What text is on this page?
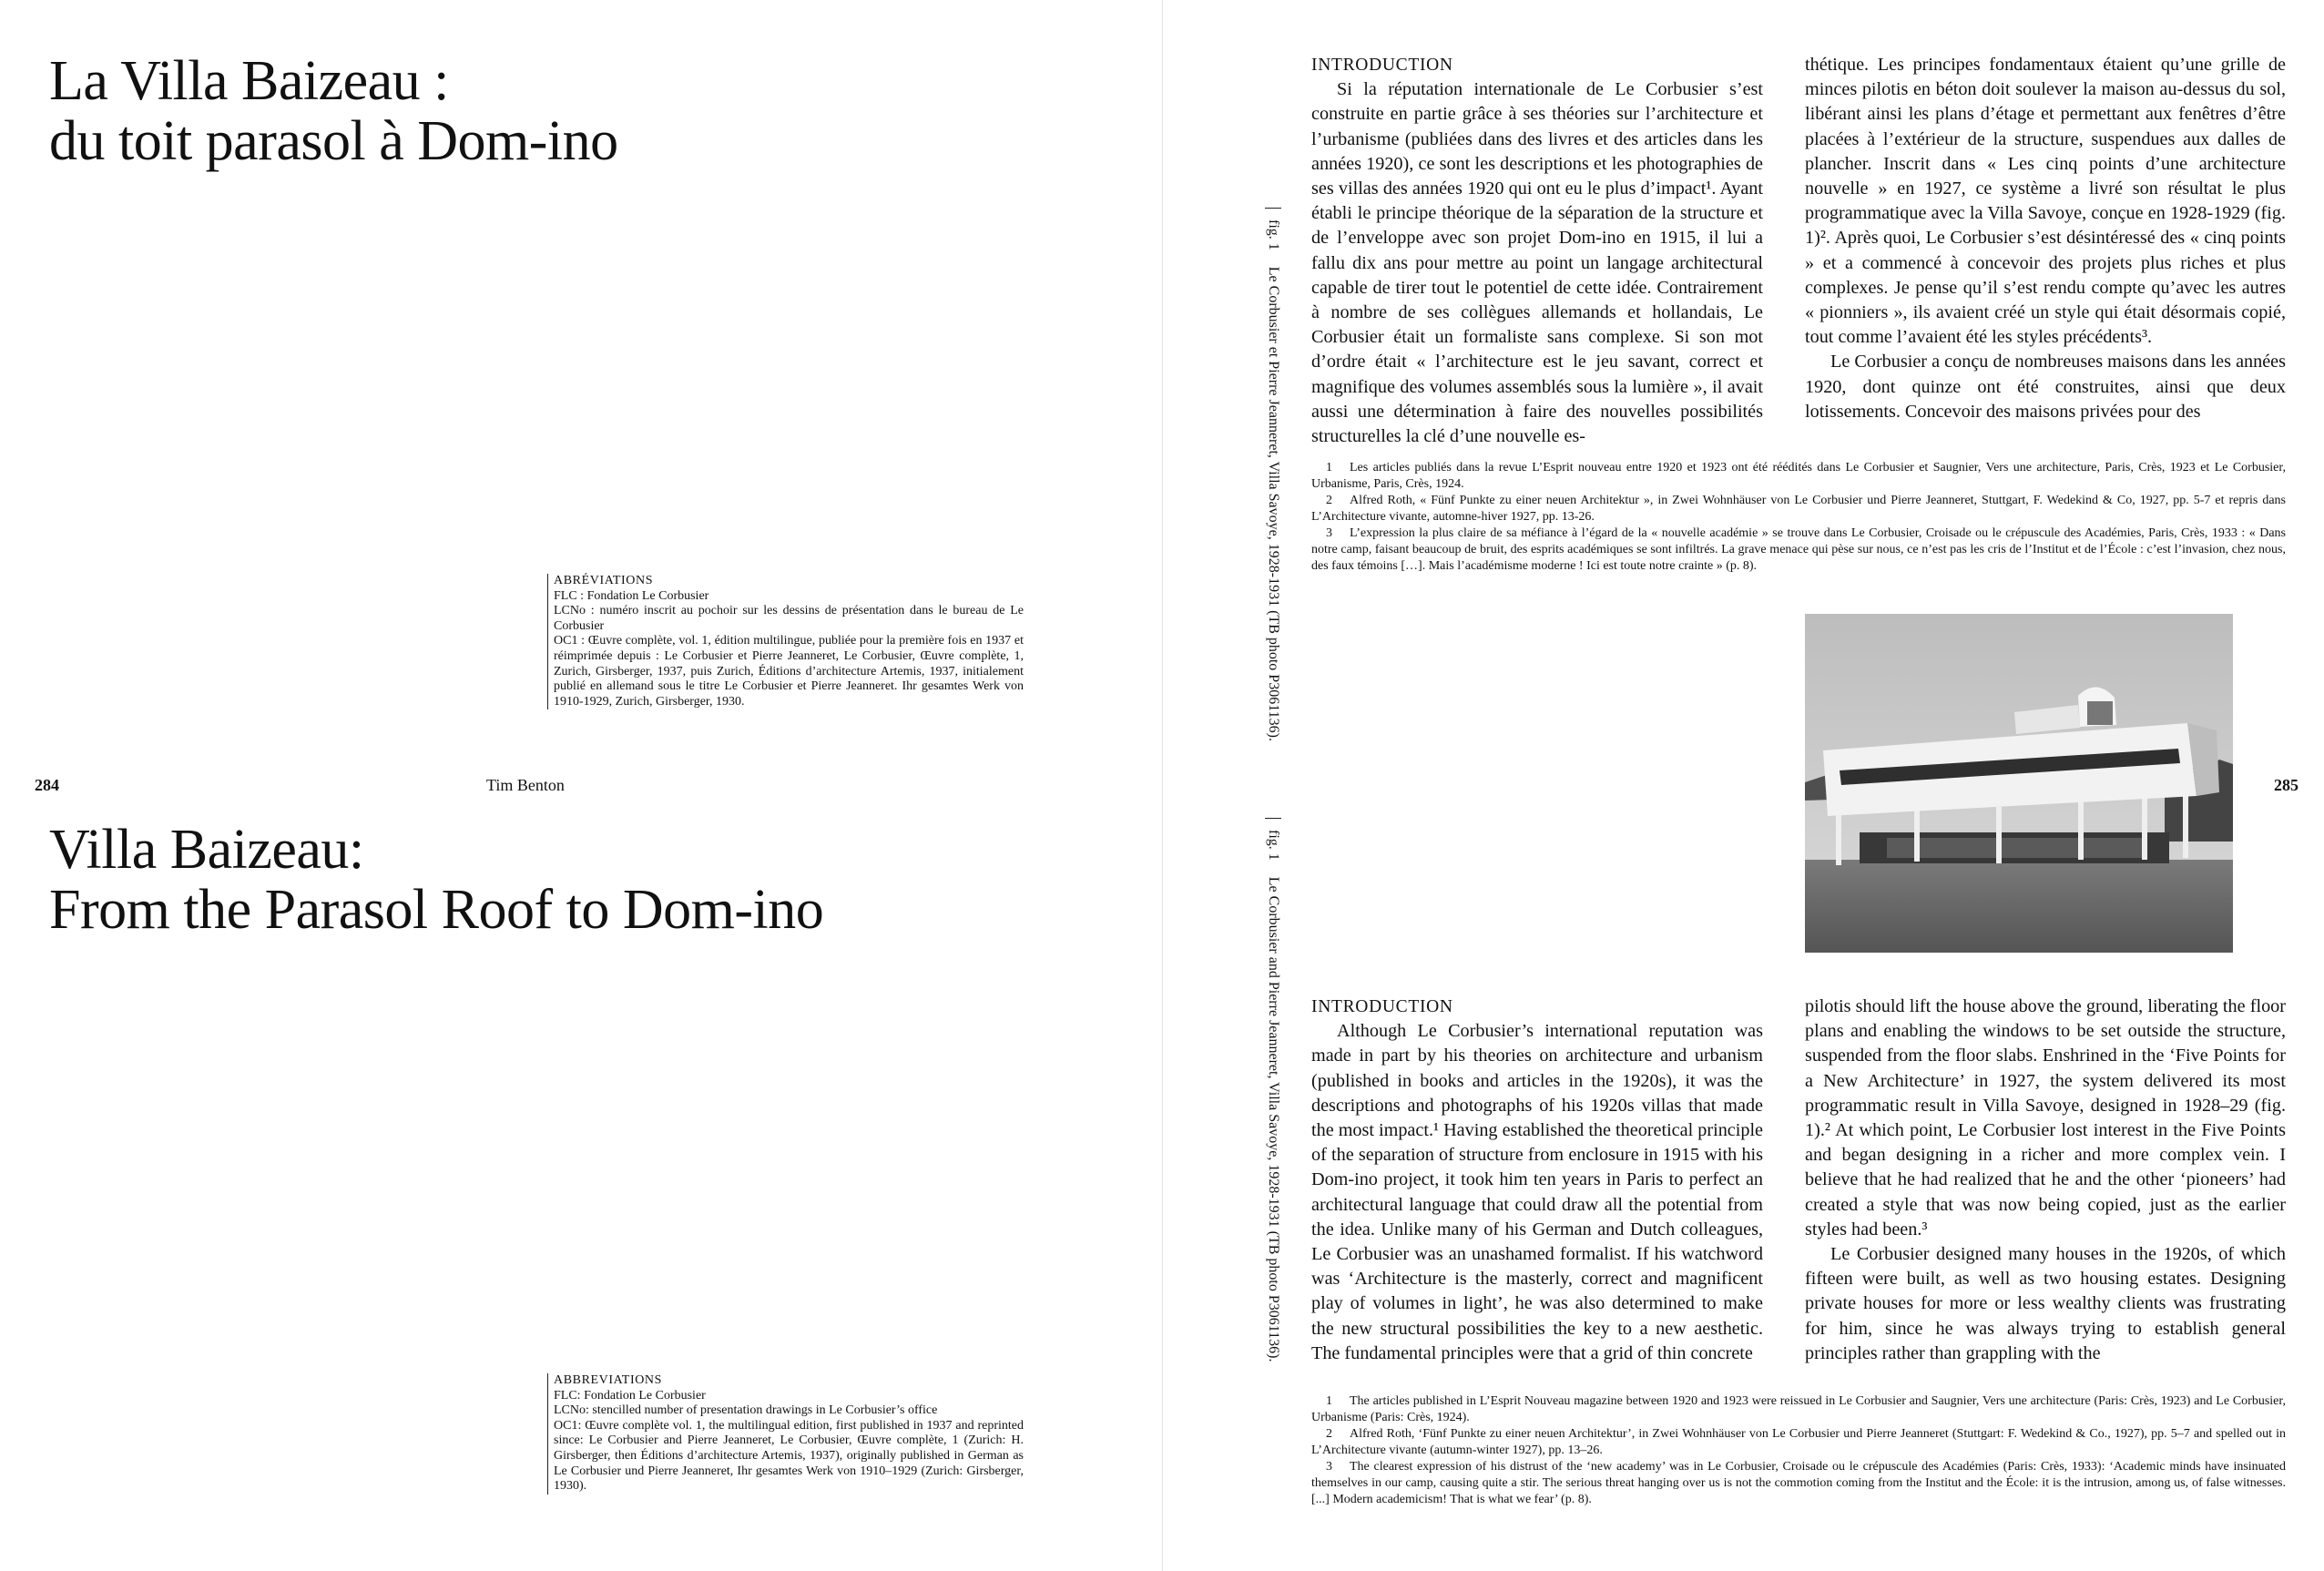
La Villa Baizeau :
du toit parasol à Dom-ino

ABRÉVIATIONS

FLC : Fondation Le Corbusier

LCNo : numéro inscrit au pochoir sur les dessins de présentation dans le bureau de Le Corbusier

OC1 : Œuvre complète, vol. 1, édition multilingue, publiée pour la première fois en 1937 et réimprimée depuis : Le Corbusier et Pierre Jeanneret, Le Corbusier, Œuvre complète, 1, Zurich, Girsberger, 1937, puis Zurich, Éditions d’architecture Artemis, 1937, initialement publié en allemand sous le titre Le Corbusier et Pierre Jeanneret. Ihr gesamtes Werk von 1910-1929, Zurich, Girsberger, 1930.

284	Tim Benton
Villa Baizeau:
From the Parasol Roof to Dom-ino

ABBREVIATIONS

FLC: Fondation Le Corbusier

LCNo: stencilled number of presentation drawings in Le Corbusier’s office

OC1: Œuvre complète vol. 1, the multilingual edition, first published in 1937 and reprinted since: Le Corbusier and Pierre Jeanneret, Le Corbusier, Œuvre complète, 1 (Zurich: H. Girsberger, then Éditions d’architecture Artemis, 1937), originally published in German as Le Corbusier und Pierre Jeanneret, Ihr gesamtes Werk von 1910–1929 (Zurich: Girsberger, 1930).

fig. 1Le Corbusier et Pierre Jeanneret, Villa Savoye, 1928-1931 (TB photo P3061136).
fig. 1Le Corbusier and Pierre Jeanneret, Villa Savoye, 1928-1931 (TB photo P3061136).

INTRODUCTION

Si la réputation internationale de Le Corbusier s’est construite en partie grâce à ses théories sur l’architecture et l’urbanisme (publiées dans des livres et des articles dans les années 1920), ce sont les descriptions et les photographies de ses villas des années 1920 qui ont eu le plus d’impact¹. Ayant établi le principe théorique de la séparation de la structure et de l’enveloppe avec son projet Dom-ino en 1915, il lui a fallu dix ans pour mettre au point un langage architectural capable de tirer tout le potentiel de cette idée. Contrairement à nombre de ses collègues allemands et hollandais, Le Corbusier était un formaliste sans complexe. Si son mot d’ordre était « l’architecture est le jeu savant, correct et magnifique des volumes assemblés sous la lumière », il avait aussi une détermination à faire des nouvelles possibilités structurelles la clé d’une nouvelle es-

thétique. Les principes fondamentaux étaient qu’une grille de minces pilotis en béton doit soulever la maison au-dessus du sol, libérant ainsi les plans d’étage et permettant aux fenêtres d’être placées à l’extérieur de la structure, suspendues aux dalles de plancher. Inscrit dans « Les cinq points d’une architecture nouvelle » en 1927, ce système a livré son résultat le plus programmatique avec la Villa Savoye, conçue en 1928-1929 (fig. 1)². Après quoi, Le Corbusier s’est désintéressé des « cinq points » et a commencé à concevoir des projets plus riches et plus complexes. Je pense qu’il s’est rendu compte qu’avec les autres « pionniers », ils avaient créé un style qui était désormais copié, tout comme l’avaient été les styles précédents³.

Le Corbusier a conçu de nombreuses maisons dans les années 1920, dont quinze ont été construites, ainsi que deux lotissements. Concevoir des maisons privées pour des

1 Les articles publiés dans la revue L’Esprit nouveau entre 1920 et 1923 ont été réédités dans Le Corbusier et Saugnier, Vers une architecture, Paris, Crès, 1923 et Le Corbusier, Urbanisme, Paris, Crès, 1924.

2 Alfred Roth, « Fünf Punkte zu einer neuen Architektur », in Zwei Wohnhäuser von Le Corbusier und Pierre Jeanneret, Stuttgart, F. Wedekind & Co, 1927, pp. 5-7 et repris dans L’Architecture vivante, automne-hiver 1927, pp. 13-26.

3 L’expression la plus claire de sa méfiance à l’égard de la « nouvelle académie » se trouve dans Le Corbusier, Croisade ou le crépuscule des Académies, Paris, Crès, 1933 : « Dans notre camp, faisant beaucoup de bruit, des esprits académiques se sont infiltrés. La grave menace qui pèse sur nous, ce n’est pas les cris de l’Institut et de l’École : c’est l’invasion, chez nous, des faux témoins […]. Mais l’académisme moderne ! Ici est toute notre crainte » (p. 8).

285

INTRODUCTION

Although Le Corbusier’s international reputation was made in part by his theories on architecture and urbanism (published in books and articles in the 1920s), it was the descriptions and photographs of his 1920s villas that made the most impact.¹ Having established the theoretical principle of the separation of structure from enclosure in 1915 with his Dom-ino project, it took him ten years in Paris to perfect an architectural language that could draw all the potential from the idea. Unlike many of his German and Dutch colleagues, Le Corbusier was an unashamed formalist. If his watchword was ‘Architecture is the masterly, correct and magnificent play of volumes in light’, he was also determined to make the new structural possibilities the key to a new aesthetic. The fundamental principles were that a grid of thin concrete

pilotis should lift the house above the ground, liberating the floor plans and enabling the windows to be set outside the structure, suspended from the floor slabs. Enshrined in the ‘Five Points for a New Architecture’ in 1927, the system delivered its most programmatic result in Villa Savoye, designed in 1928–29 (fig. 1).² At which point, Le Corbusier lost interest in the Five Points and began designing in a richer and more complex vein. I believe that he had realized that he and the other ‘pioneers’ had created a style that was now being copied, just as the earlier styles had been.³

Le Corbusier designed many houses in the 1920s, of which fifteen were built, as well as two housing estates. Designing private houses for more or less wealthy clients was frustrating for him, since he was always trying to establish general principles rather than grappling with the

1 The articles published in L’Esprit Nouveau magazine between 1920 and 1923 were reissued in Le Corbusier and Saugnier, Vers une architecture (Paris: Crès, 1923) and Le Corbusier, Urbanisme (Paris: Crès, 1924).

2 Alfred Roth, ‘Fünf Punkte zu einer neuen Architektur’, in Zwei Wohnhäuser von Le Corbusier und Pierre Jeanneret (Stuttgart: F. Wedekind & Co., 1927), pp. 5–7 and spelled out in L’Architecture vivante (autumn-winter 1927), pp. 13–26.

3 The clearest expression of his distrust of the ‘new academy’ was in Le Corbusier, Croisade ou le crépuscule des Académies (Paris: Crès, 1933): ‘Academic minds have insinuated themselves in our camp, causing quite a stir. The serious threat hanging over us is not the commotion coming from the Institut and the École: it is the intrusion, among us, of false witnesses. [...] Modern academicism! That is what we fear’ (p. 8).
